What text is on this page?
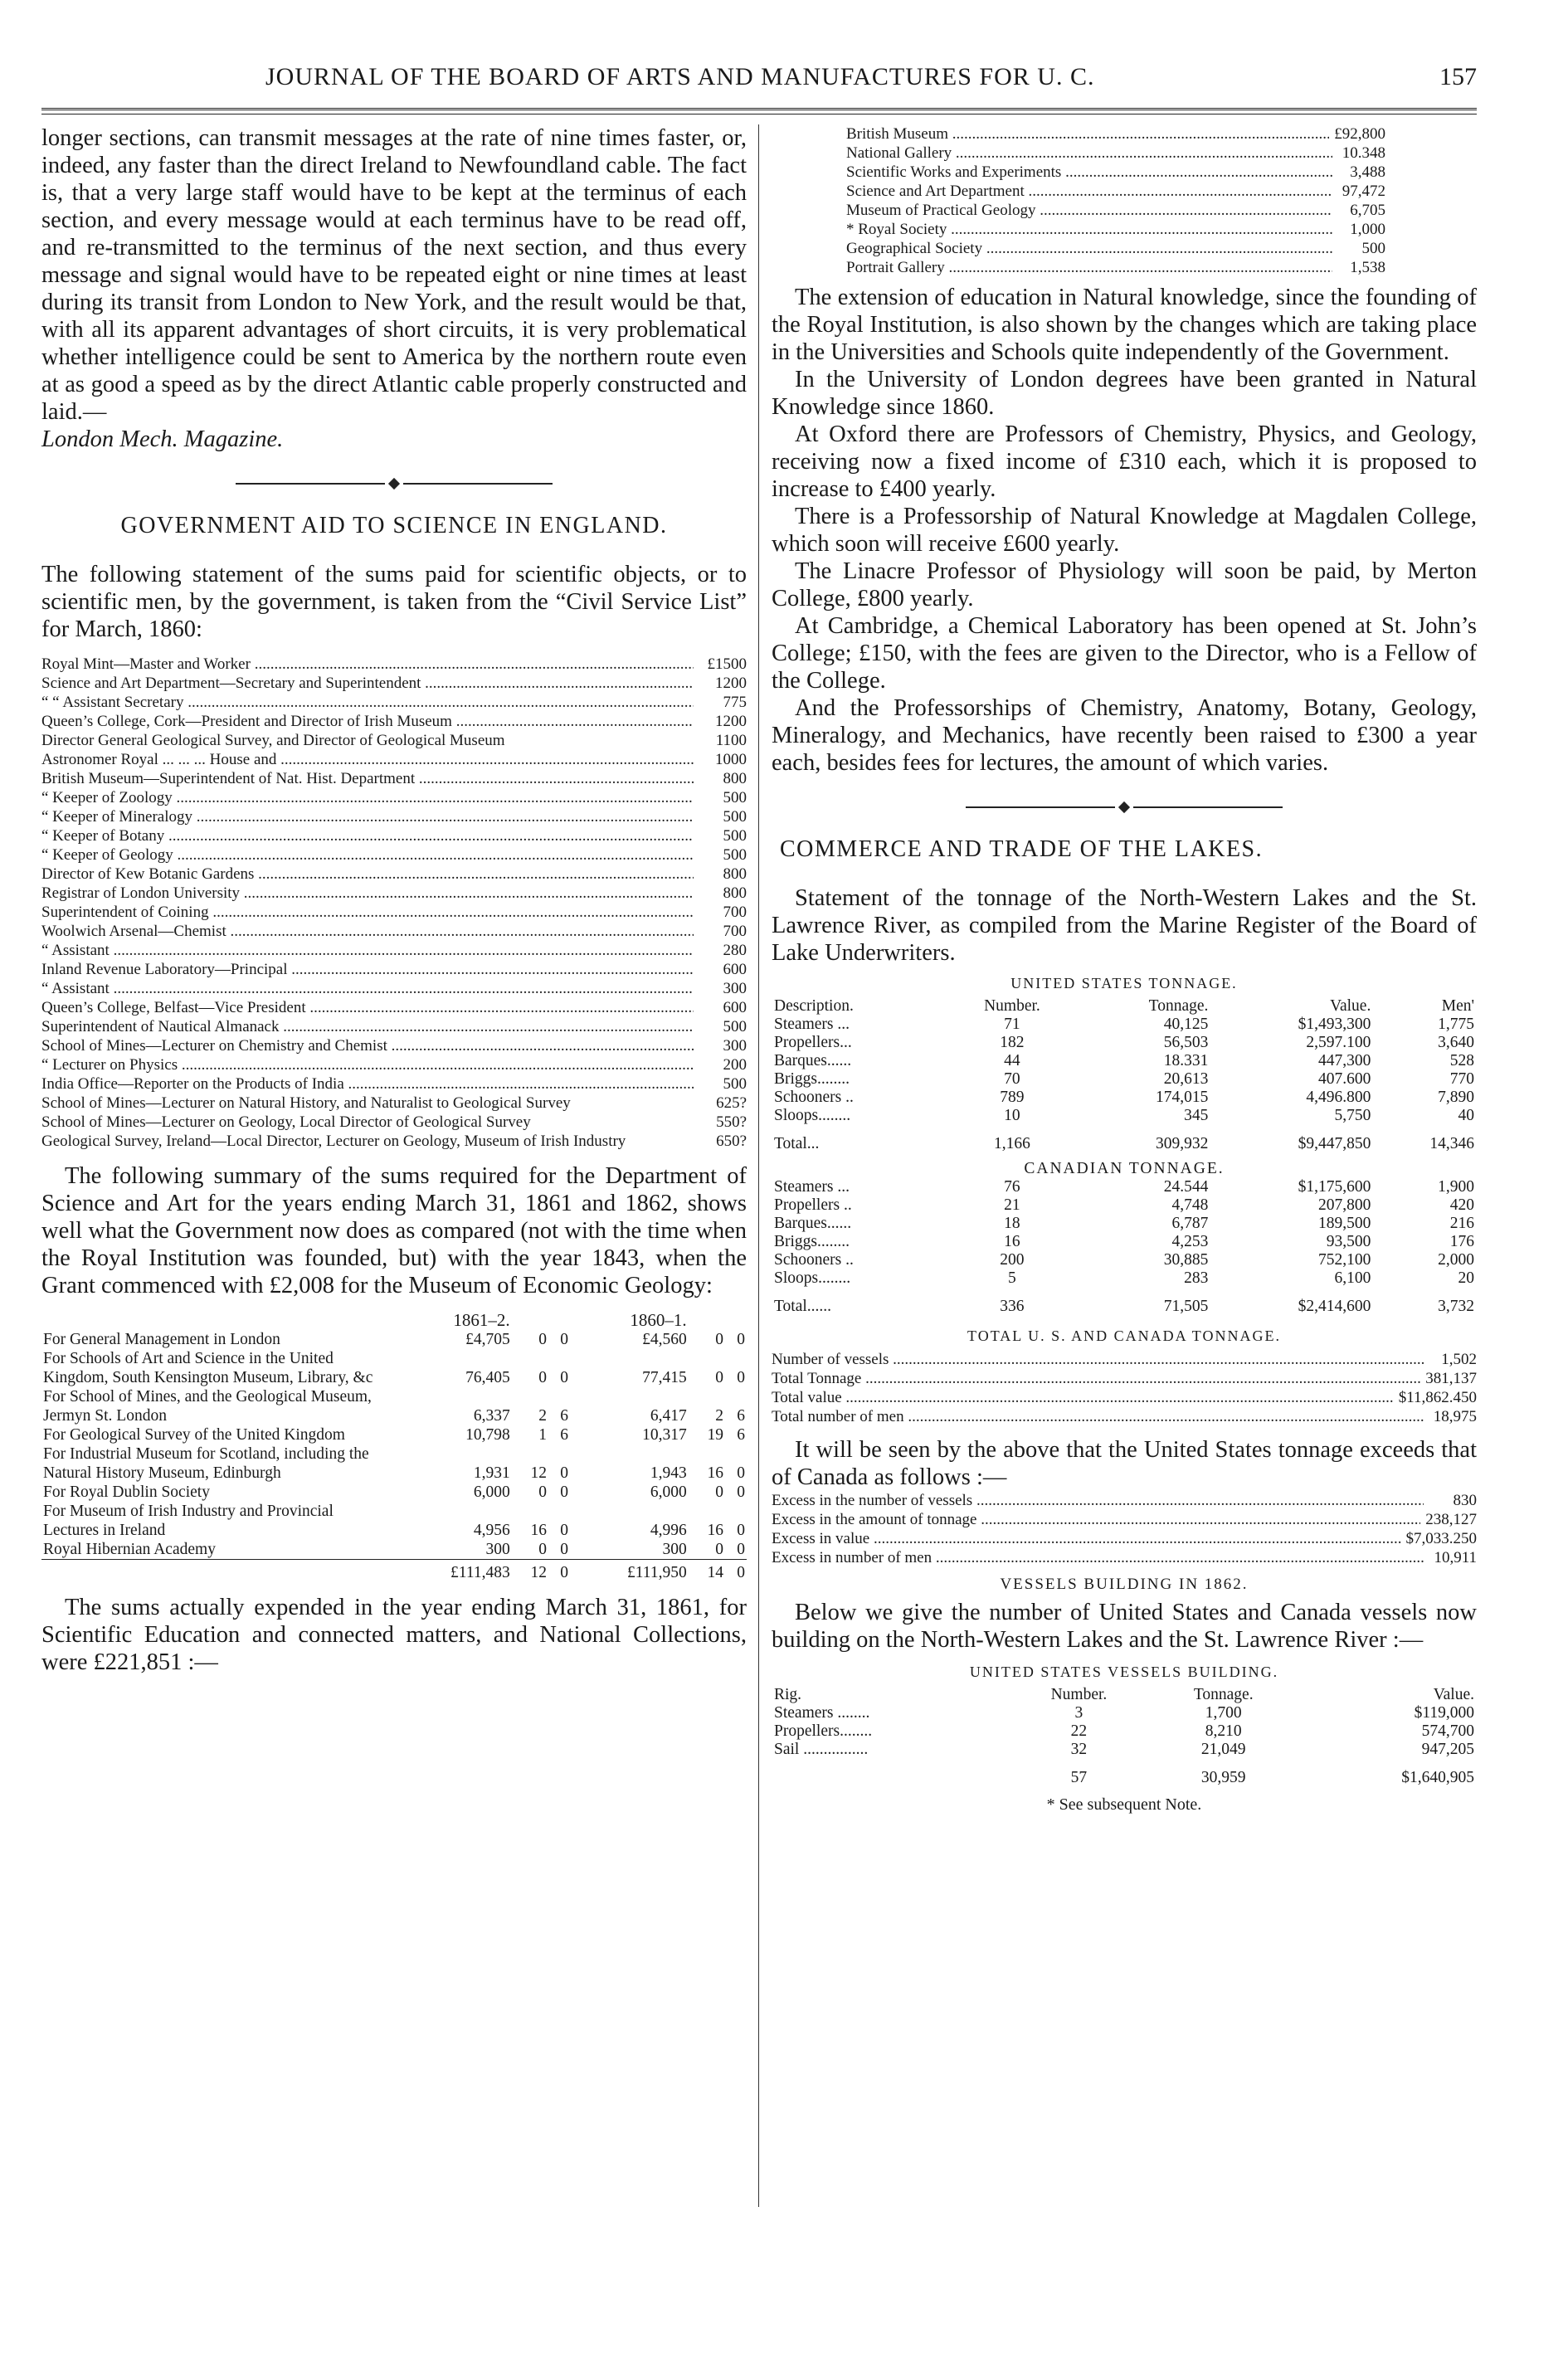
JOURNAL OF THE BOARD OF ARTS AND MANUFACTURES FOR U. C.	157

longer sections, can transmit messages at the rate of nine times faster, or, indeed, any faster than the direct Ireland to Newfoundland cable. The fact is, that a very large staff would have to be kept at the terminus of each section, and every message would at each terminus have to be read off, and re-transmitted to the terminus of the next section, and thus every message and signal would have to be repeated eight or nine times at least during its transit from London to New York, and the result would be that, with all its apparent advantages of short circuits, it is very problematical whether intelligence could be sent to America by the northern route even at as good a speed as by the direct Atlantic cable properly constructed and laid.—
London Mech. Magazine.

GOVERNMENT AID TO SCIENCE IN ENGLAND.

The following statement of the sums paid for scientific objects, or to scientific men, by the government, is taken from the “Civil Service List” for March, 1860:

Royal Mint—Master and Worker .....	£1500
Science and Art Department—Secretary and Superintendent .....	1200
“ “ Assistant Secretary .....	775
Queen’s College, Cork—President and Director of Irish Museum .....	1200
Director General Geological Survey, and Director of Geological Museum	1100
Astronomer Royal ... ... ... House and .....	1000
British Museum—Superintendent of Nat. Hist. Department .....	800
“ Keeper of Zoology .....	500
“ Keeper of Mineralogy .....	500
“ Keeper of Botany .....	500
“ Keeper of Geology .....	500
Director of Kew Botanic Gardens .....	800
Registrar of London University .....	800
Superintendent of Coining .....	700
Woolwich Arsenal—Chemist .....	700
“ Assistant .....	280
Inland Revenue Laboratory—Principal .....	600
“ Assistant .....	300
Queen’s College, Belfast—Vice President .....	600
Superintendent of Nautical Almanack .....	500
School of Mines—Lecturer on Chemistry and Chemist .....	300
“ Lecturer on Physics .....	200
India Office—Reporter on the Products of India .....	500
School of Mines—Lecturer on Natural History, and Naturalist to Geological Survey	625?
School of Mines—Lecturer on Geology, Local Director of Geological Survey	550?
Geological Survey, Ireland—Local Director, Lecturer on Geology, Museum of Irish Industry	650?

The following summary of the sums required for the Department of Science and Art for the years ending March 31, 1861 and 1862, shows well what the Government now does as compared (not with the time when the Royal Institution was founded, but) with the year 1843, when the Grant commenced with £2,008 for the Museum of Economic Geology:

	1861–2.			1860–1.		
For General Management in London	£4,705	0	0	£4,560	0	0
For Schools of Art and Science in the United Kingdom, South Kensington Museum, Library, &c	76,405	0	0	77,415	0	0
For School of Mines, and the Geological Museum, Jermyn St. London	6,337	2	6	6,417	2	6
For Geological Survey of the United Kingdom	10,798	1	6	10,317	19	6
For Industrial Museum for Scotland, including the Natural History Museum, Edinburgh	1,931	12	0	1,943	16	0
For Royal Dublin Society	6,000	0	0	6,000	0	0
For Museum of Irish Industry and Provincial Lectures in Ireland	4,956	16	0	4,996	16	0
Royal Hibernian Academy	300	0	0	300	0	0
	£111,483	12	0	£111,950	14	0

The sums actually expended in the year ending March 31, 1861, for Scientific Education and connected matters, and National Collections, were £221,851 :—

British Museum .....	£92,800
National Gallery .....	10.348
Scientific Works and Experiments .....	3,488
Science and Art Department .....	97,472
Museum of Practical Geology .....	6,705
* Royal Society .....	1,000
Geographical Society .....	500
Portrait Gallery .....	1,538

The extension of education in Natural knowledge, since the founding of the Royal Institution, is also shown by the changes which are taking place in the Universities and Schools quite independently of the Government.

In the University of London degrees have been granted in Natural Knowledge since 1860.

At Oxford there are Professors of Chemistry, Physics, and Geology, receiving now a fixed income of £310 each, which it is proposed to increase to £400 yearly.

There is a Professorship of Natural Knowledge at Magdalen College, which soon will receive £600 yearly.

The Linacre Professor of Physiology will soon be paid, by Merton College, £800 yearly.

At Cambridge, a Chemical Laboratory has been opened at St. John’s College; £150, with the fees are given to the Director, who is a Fellow of the College.

And the Professorships of Chemistry, Anatomy, Botany, Geology, Mineralogy, and Mechanics, have recently been raised to £300 a year each, besides fees for lectures, the amount of which varies.

COMMERCE AND TRADE OF THE LAKES.

Statement of the tonnage of the North-Western Lakes and the St. Lawrence River, as compiled from the Marine Register of the Board of Lake Underwriters.

UNITED STATES TONNAGE.
Description.	Number.	Tonnage.	Value.	Men'
Steamers ...	71	40,125	$1,493,300	1,775
Propellers...	182	56,503	2,597.100	3,640
Barques......	44	18.331	447,300	528
Briggs........	70	20,613	407.600	770
Schooners ..	789	174,015	4,496.800	7,890
Sloops........	10	345	5,750	40
Total...	1,166	309,932	$9,447,850	14,346
CANADIAN TONNAGE.				
Steamers ...	76	24.544	$1,175,600	1,900
Propellers ..	21	4,748	207,800	420
Barques......	18	6,787	189,500	216
Briggs........	16	4,253	93,500	176
Schooners ..	200	30,885	752,100	2,000
Sloops........	5	283	6,100	20
Total......	336	71,505	$2,414,600	3,732
TOTAL U. S. AND CANADA TONNAGE.
Number of vessels .....	1,502
Total Tonnage .....	381,137
Total value .....	$11,862.450
Total number of men .....	18,975

It will be seen by the above that the United States tonnage exceeds that of Canada as follows :—

Excess in the number of vessels .....	830
Excess in the amount of tonnage .....	238,127
Excess in value .....	$7,033.250
Excess in number of men .....	10,911
VESSELS BUILDING IN 1862.

Below we give the number of United States and Canada vessels now building on the North-Western Lakes and the St. Lawrence River :—

UNITED STATES VESSELS BUILDING.
Rig.	Number.	Tonnage.	Value.
Steamers ........	3	1,700	$119,000
Propellers........	22	8,210	574,700
Sail ................	32	21,049	947,205
	57	30,959	$1,640,905
* See subsequent Note.
